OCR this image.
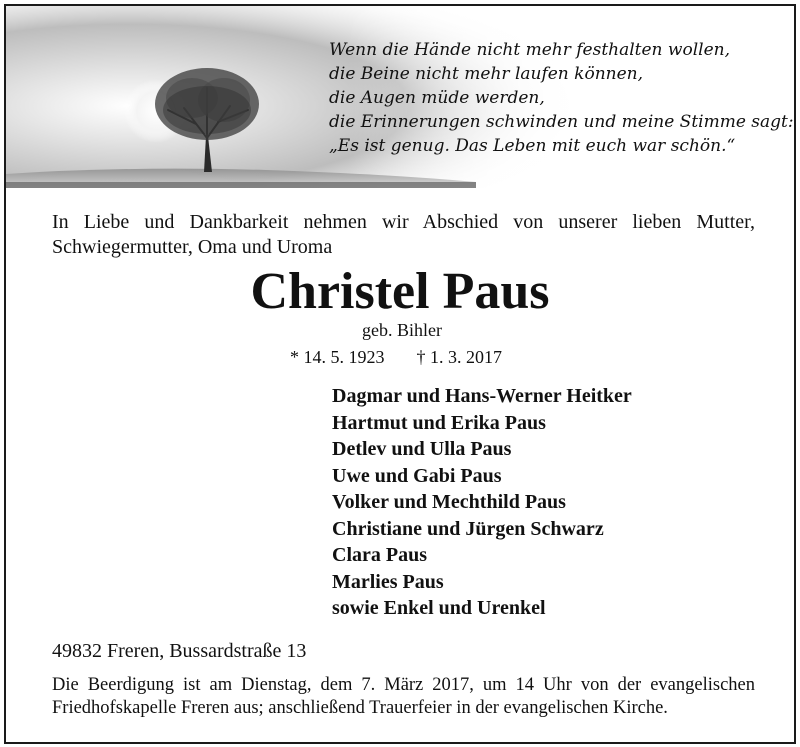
Wenn die Hände nicht mehr festhalten wollen,
die Beine nicht mehr laufen können,
die Augen müde werden,
die Erinnerungen schwinden und meine Stimme sagt:
„Es ist genug. Das Leben mit euch war schön.“
In Liebe und Dankbarkeit nehmen wir Abschied von unserer lieben Mutter,
Schwiegermutter, Oma und Uroma
Christel Paus
geb. Bihler
* 14. 5. 1923 † 1. 3. 2017
Dagmar und Hans-Werner Heitker
Hartmut und Erika Paus
Detlev und Ulla Paus
Uwe und Gabi Paus
Volker und Mechthild Paus
Christiane und Jürgen Schwarz
Clara Paus
Marlies Paus
sowie Enkel und Urenkel
49832 Freren, Bussardstraße 13
Die Beerdigung ist am Dienstag, dem 7. März 2017, um 14 Uhr von der evangelischen
Friedhofskapelle Freren aus; anschließend Trauerfeier in der evangelischen Kirche.
